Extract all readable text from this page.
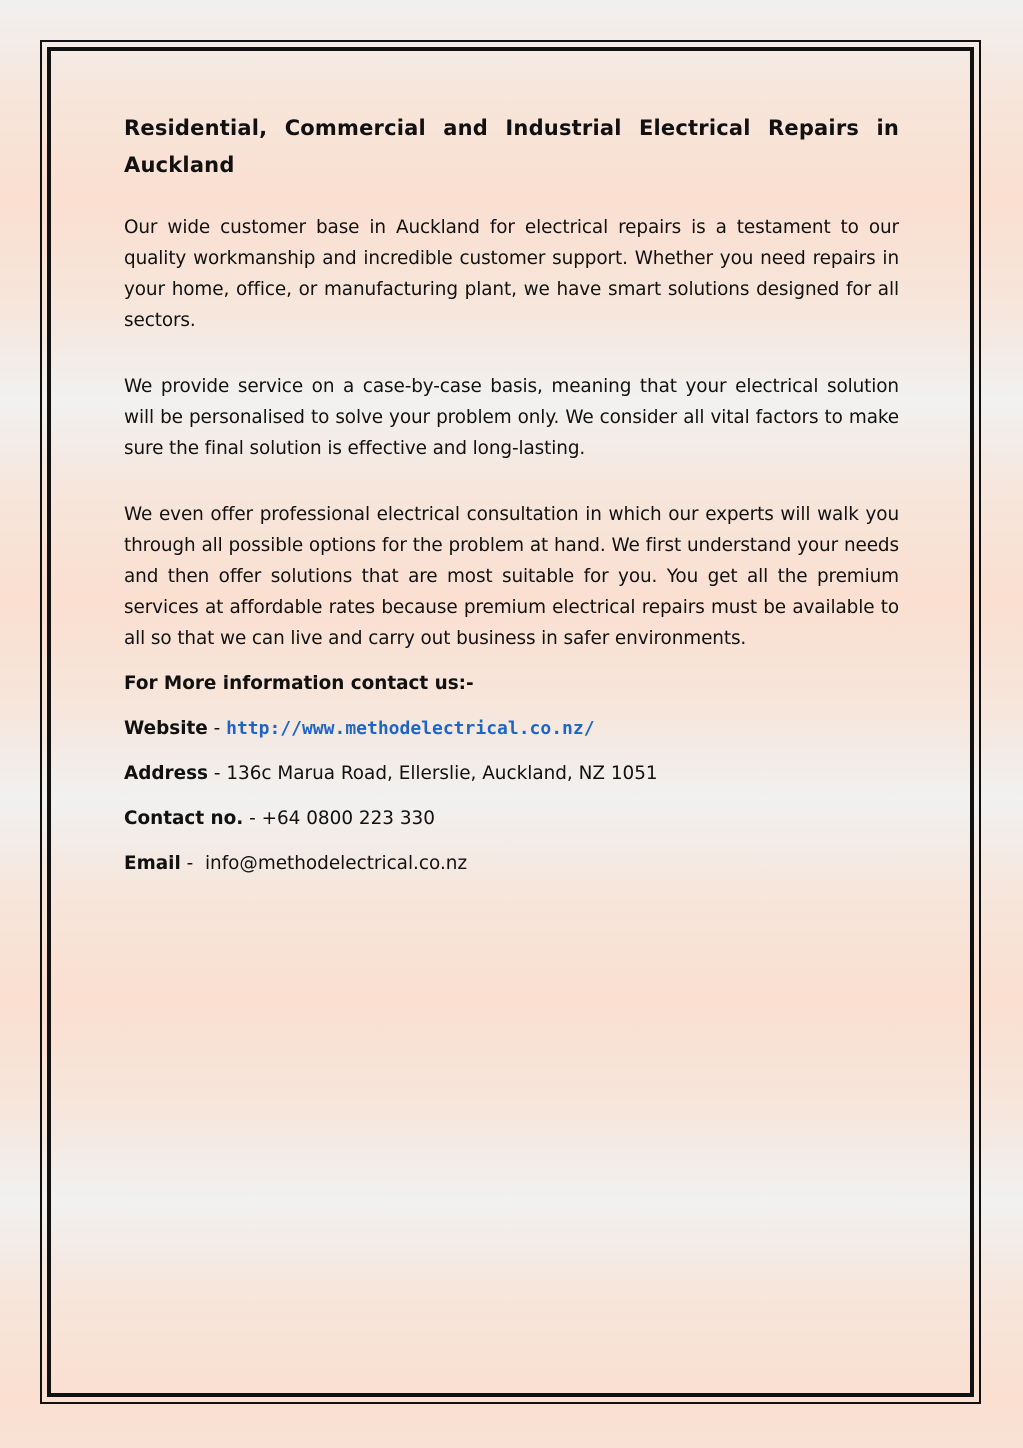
Residential, Commercial and Industrial Electrical Repairs in Auckland

Our wide customer base in Auckland for electrical repairs is a testament to our quality workmanship and incredible customer support. Whether you need repairs in your home, office, or manufacturing plant, we have smart solutions designed for all sectors.

We provide service on a case-by-case basis, meaning that your electrical solution will be personalised to solve your problem only. We consider all vital factors to make sure the final solution is effective and long-lasting.

We even offer professional electrical consultation in which our experts will walk you through all possible options for the problem at hand. We first understand your needs and then offer solutions that are most suitable for you. You get all the premium services at affordable rates because premium electrical repairs must be available to all so that we can live and carry out business in safer environments.

For More information contact us:-
Website - http://www.methodelectrical.co.nz/
Address - 136c Marua Road, Ellerslie, Auckland, NZ 1051
Contact no. - +64 0800 223 330
Email -  info@methodelectrical.co.nz
